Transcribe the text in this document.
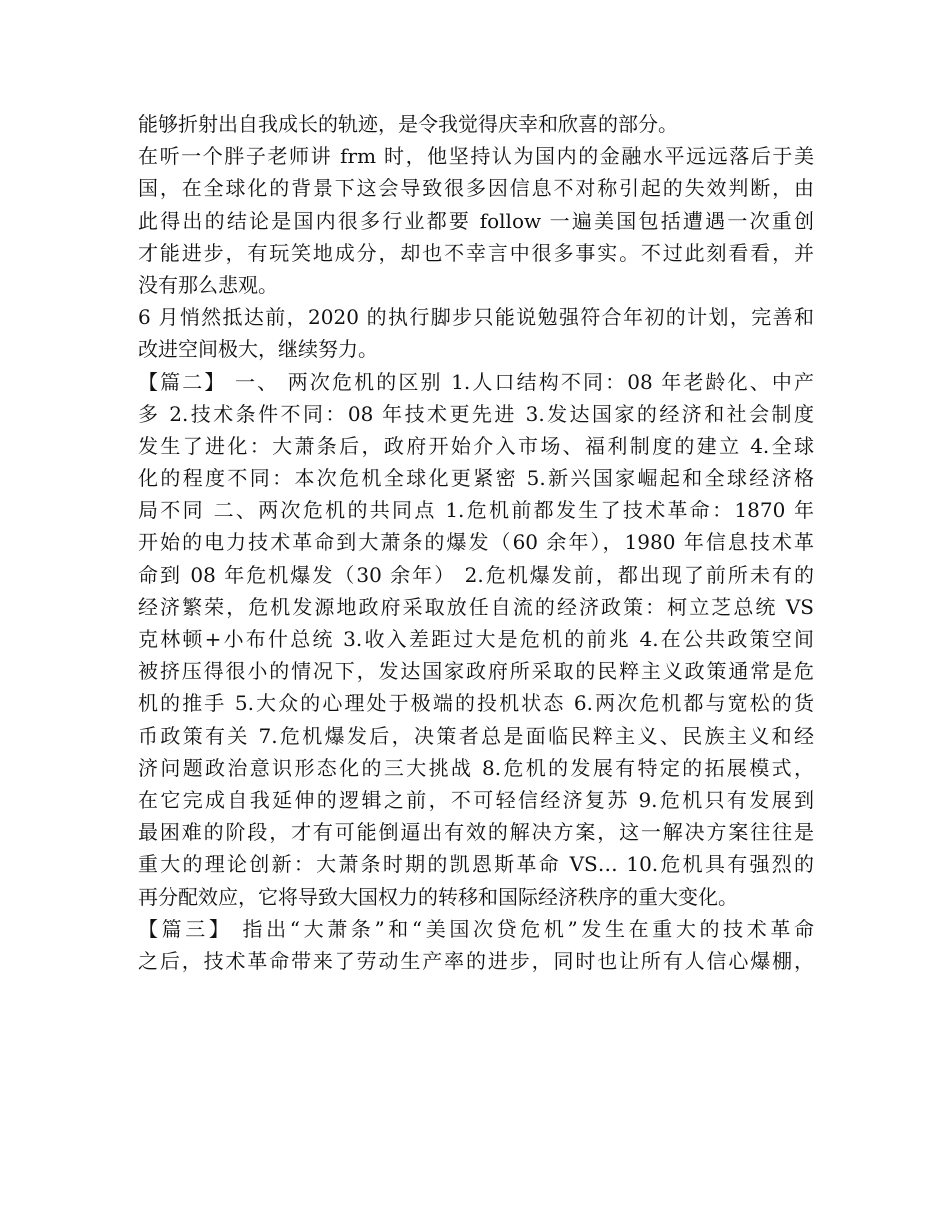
能够折射出自我成长的轨迹，是令我觉得庆幸和欣喜的部分。
在听一个胖子老师讲 frm 时，他坚持认为国内的金融水平远远落后于美
国，在全球化的背景下这会导致很多因信息不对称引起的失效判断，由
此得出的结论是国内很多行业都要 follow 一遍美国包括遭遇一次重创
才能进步，有玩笑地成分，却也不幸言中很多事实。不过此刻看看，并
没有那么悲观。
6 月悄然抵达前，2020 的执行脚步只能说勉强符合年初的计划，完善和
改进空间极大，继续努力。
【篇二】 一、 两次危机的区别 1.人口结构不同：08 年老龄化、中产
多 2.技术条件不同：08 年技术更先进 3.发达国家的经济和社会制度
发生了进化：大萧条后，政府开始介入市场、福利制度的建立 4.全球
化的程度不同：本次危机全球化更紧密 5.新兴国家崛起和全球经济格
局不同 二、两次危机的共同点 1.危机前都发生了技术革命：1870 年
开始的电力技术革命到大萧条的爆发（60 余年），1980 年信息技术革
命到 08 年危机爆发（30 余年） 2.危机爆发前，都出现了前所未有的
经济繁荣，危机发源地政府采取放任自流的经济政策：柯立芝总统 VS
克林顿+小布什总统 3.收入差距过大是危机的前兆 4.在公共政策空间
被挤压得很小的情况下，发达国家政府所采取的民粹主义政策通常是危
机的推手 5.大众的心理处于极端的投机状态 6.两次危机都与宽松的货
币政策有关 7.危机爆发后，决策者总是面临民粹主义、民族主义和经
济问题政治意识形态化的三大挑战 8.危机的发展有特定的拓展模式，
在它完成自我延伸的逻辑之前，不可轻信经济复苏 9.危机只有发展到
最困难的阶段，才有可能倒逼出有效的解决方案，这一解决方案往往是
重大的理论创新：大萧条时期的凯恩斯革命 VS… 10.危机具有强烈的
再分配效应，它将导致大国权力的转移和国际经济秩序的重大变化。
【篇三】 指出“大萧条”和“美国次贷危机”发生在重大的技术革命
之后，技术革命带来了劳动生产率的进步，同时也让所有人信心爆棚，
